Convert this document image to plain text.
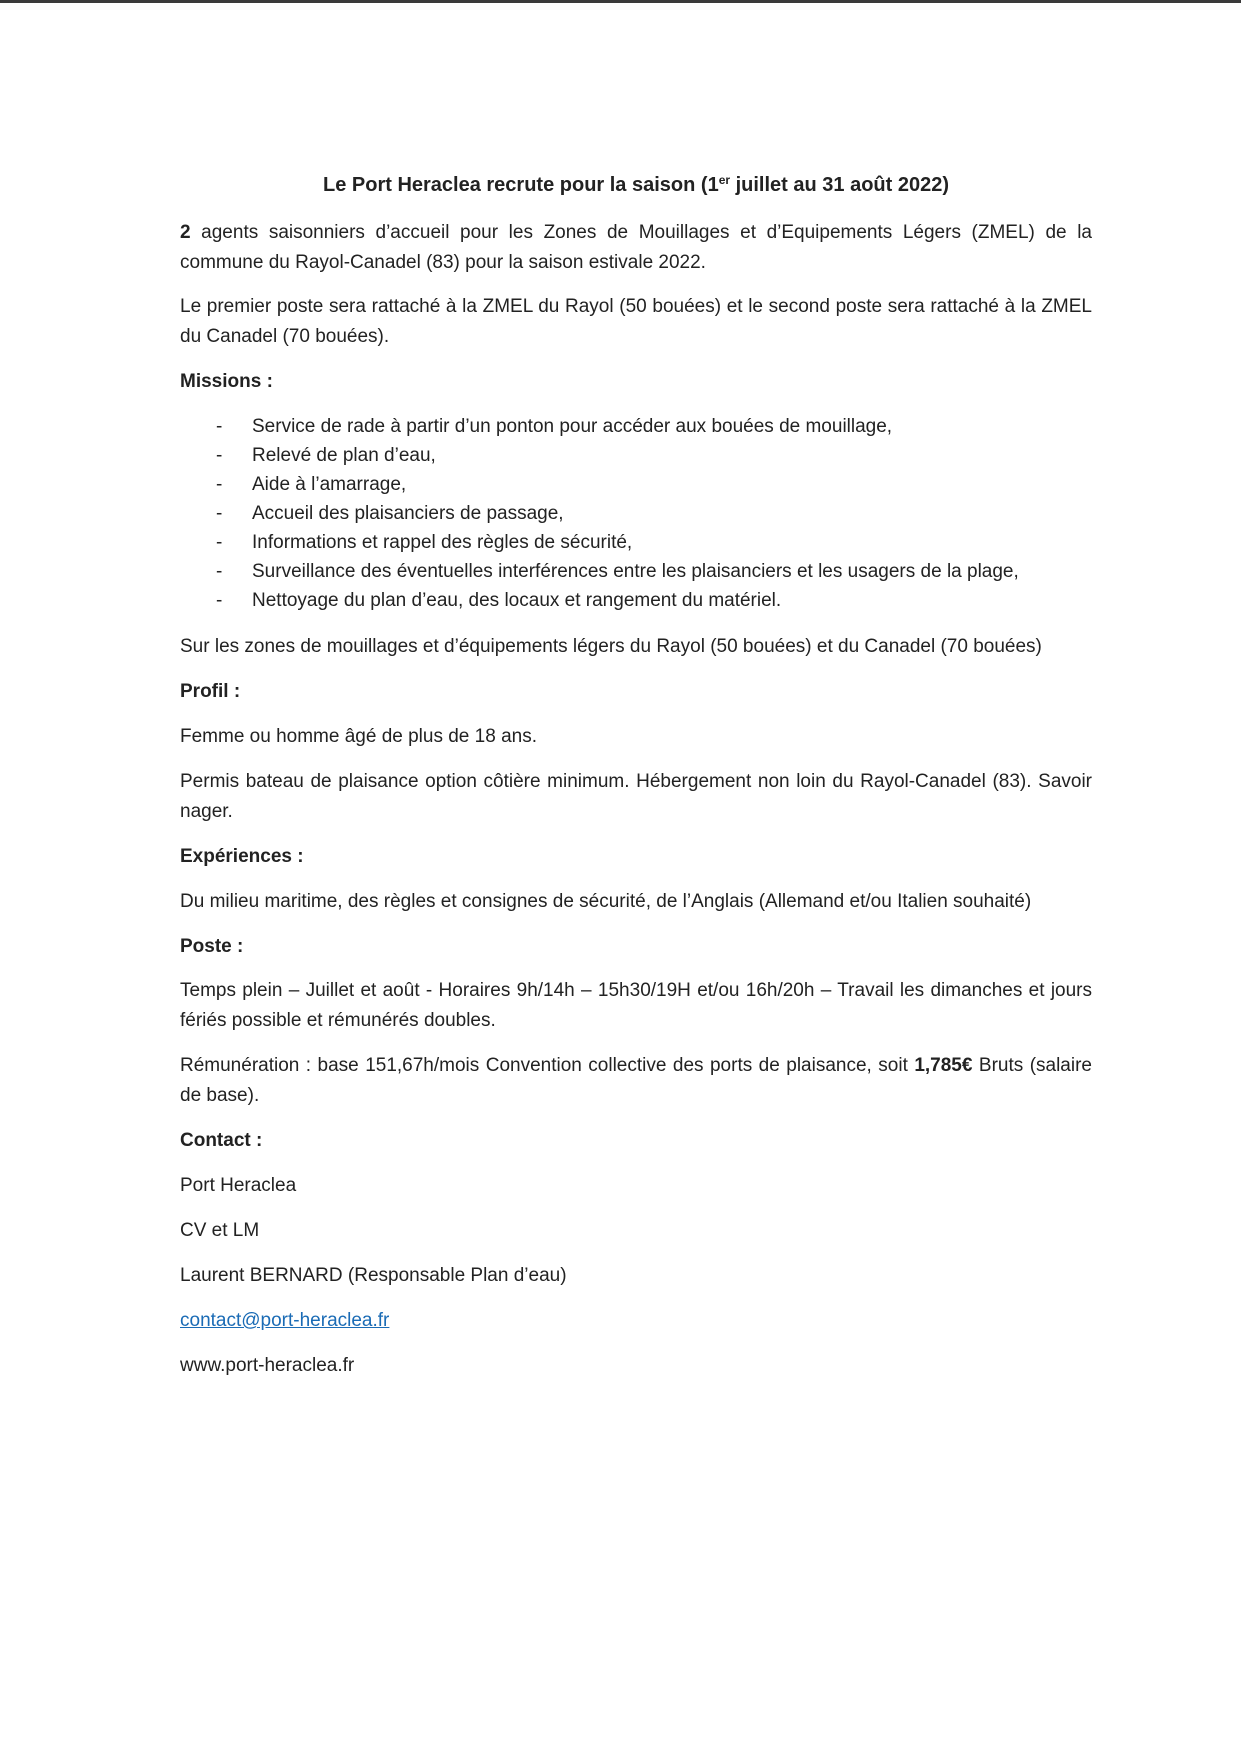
Le Port Heraclea recrute pour la saison (1er juillet au 31 août 2022)
2 agents saisonniers d’accueil pour les Zones de Mouillages et d’Equipements Légers (ZMEL) de la commune du Rayol-Canadel (83) pour la saison estivale 2022.
Le premier poste sera rattaché à la ZMEL du Rayol (50 bouées) et le second poste sera rattaché à la ZMEL du Canadel (70 bouées).
Missions :
- Service de rade à partir d’un ponton pour accéder aux bouées de mouillage,
- Relevé de plan d’eau,
- Aide à l’amarrage,
- Accueil des plaisanciers de passage,
- Informations et rappel des règles de sécurité,
- Surveillance des éventuelles interférences entre les plaisanciers et les usagers de la plage,
- Nettoyage du plan d’eau, des locaux et rangement du matériel.
Sur les zones de mouillages et d’équipements légers du Rayol (50 bouées) et du Canadel (70 bouées)
Profil :
Femme ou homme âgé de plus de 18 ans.
Permis bateau de plaisance option côtière minimum. Hébergement non loin du Rayol-Canadel (83). Savoir nager.
Expériences :
Du milieu maritime, des règles et consignes de sécurité, de l’Anglais (Allemand et/ou Italien souhaité)
Poste :
Temps plein – Juillet et août - Horaires 9h/14h – 15h30/19H et/ou 16h/20h – Travail les dimanches et jours fériés possible et rémunérés doubles.
Rémunération : base 151,67h/mois Convention collective des ports de plaisance, soit 1,785€ Bruts (salaire de base).
Contact :
Port Heraclea
CV et LM
Laurent BERNARD (Responsable Plan d’eau)
contact@port-heraclea.fr
www.port-heraclea.fr
